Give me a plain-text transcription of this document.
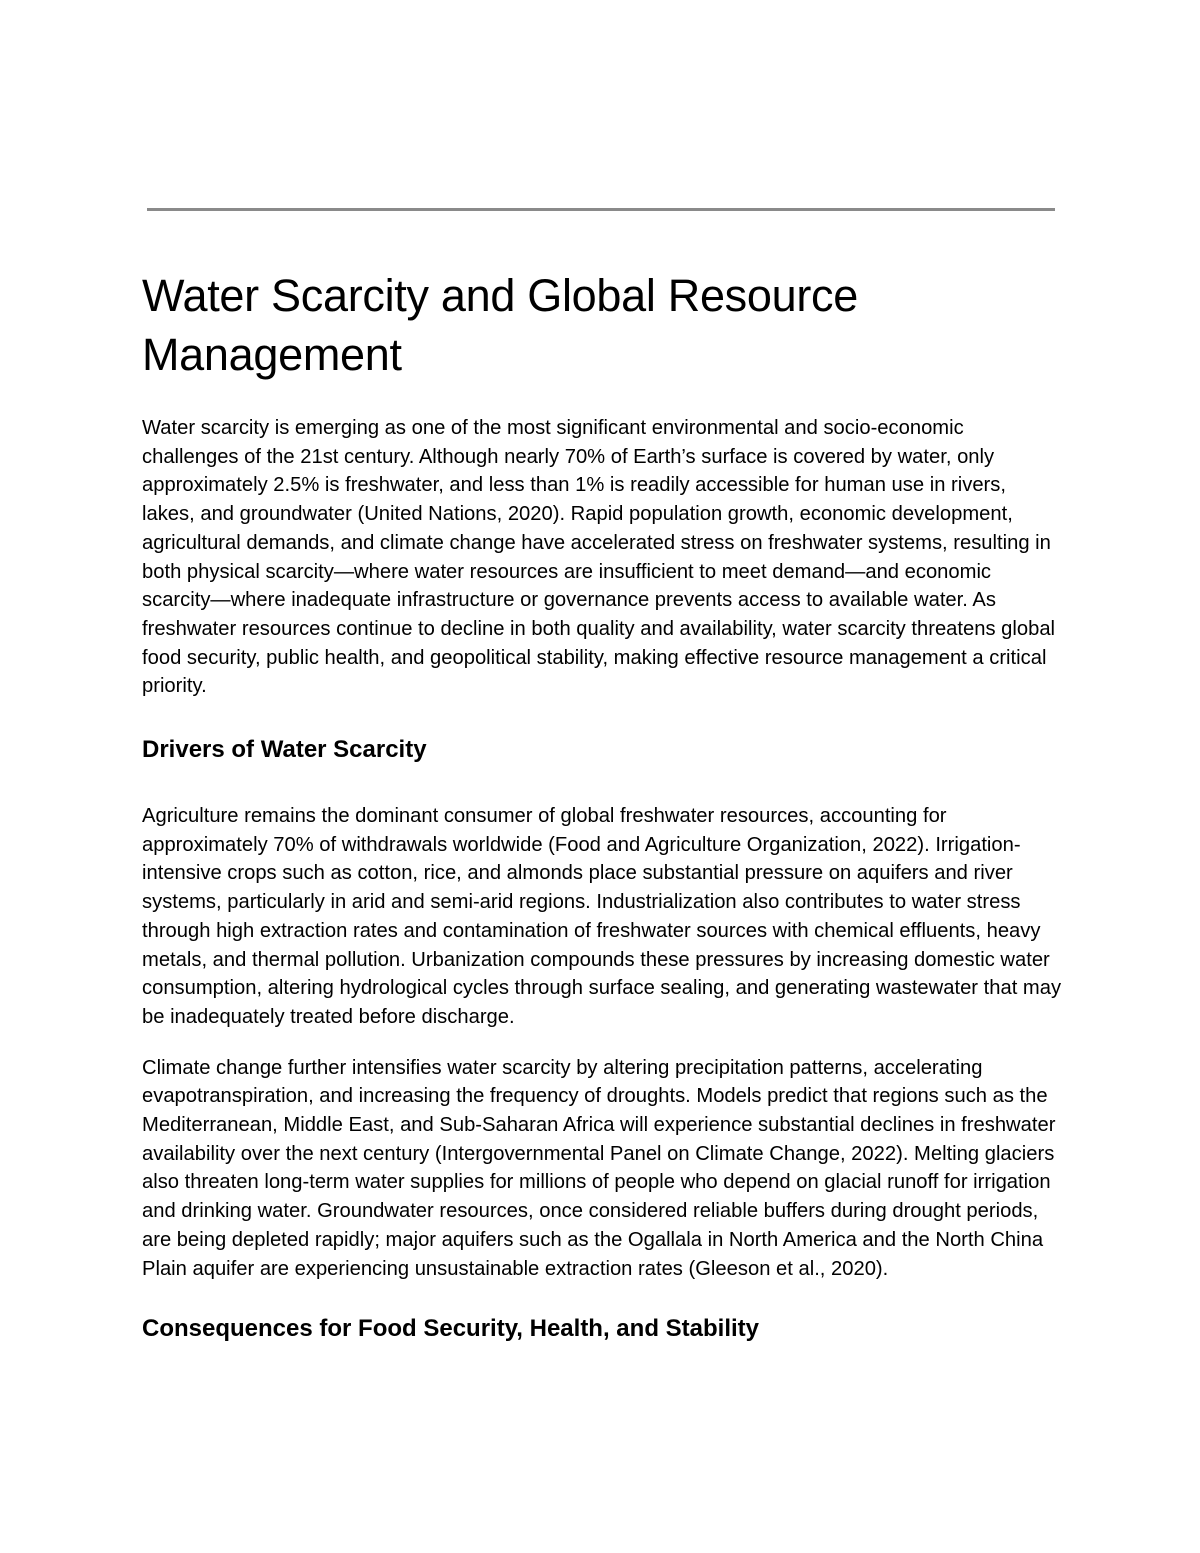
Water Scarcity and Global Resource Management

Water scarcity is emerging as one of the most significant environmental and socio-economic challenges of the 21st century. Although nearly 70% of Earth’s surface is covered by water, only approximately 2.5% is freshwater, and less than 1% is readily accessible for human use in rivers, lakes, and groundwater (United Nations, 2020). Rapid population growth, economic development, agricultural demands, and climate change have accelerated stress on freshwater systems, resulting in both physical scarcity—where water resources are insufficient to meet demand—and economic scarcity—where inadequate infrastructure or governance prevents access to available water. As freshwater resources continue to decline in both quality and availability, water scarcity threatens global food security, public health, and geopolitical stability, making effective resource management a critical priority.

Drivers of Water Scarcity

Agriculture remains the dominant consumer of global freshwater resources, accounting for approximately 70% of withdrawals worldwide (Food and Agriculture Organization, 2022). Irrigation-intensive crops such as cotton, rice, and almonds place substantial pressure on aquifers and river systems, particularly in arid and semi-arid regions. Industrialization also contributes to water stress through high extraction rates and contamination of freshwater sources with chemical effluents, heavy metals, and thermal pollution. Urbanization compounds these pressures by increasing domestic water consumption, altering hydrological cycles through surface sealing, and generating wastewater that may be inadequately treated before discharge.

Climate change further intensifies water scarcity by altering precipitation patterns, accelerating evapotranspiration, and increasing the frequency of droughts. Models predict that regions such as the Mediterranean, Middle East, and Sub-Saharan Africa will experience substantial declines in freshwater availability over the next century (Intergovernmental Panel on Climate Change, 2022). Melting glaciers also threaten long-term water supplies for millions of people who depend on glacial runoff for irrigation and drinking water. Groundwater resources, once considered reliable buffers during drought periods, are being depleted rapidly; major aquifers such as the Ogallala in North America and the North China Plain aquifer are experiencing unsustainable extraction rates (Gleeson et al., 2020).

Consequences for Food Security, Health, and Stability
